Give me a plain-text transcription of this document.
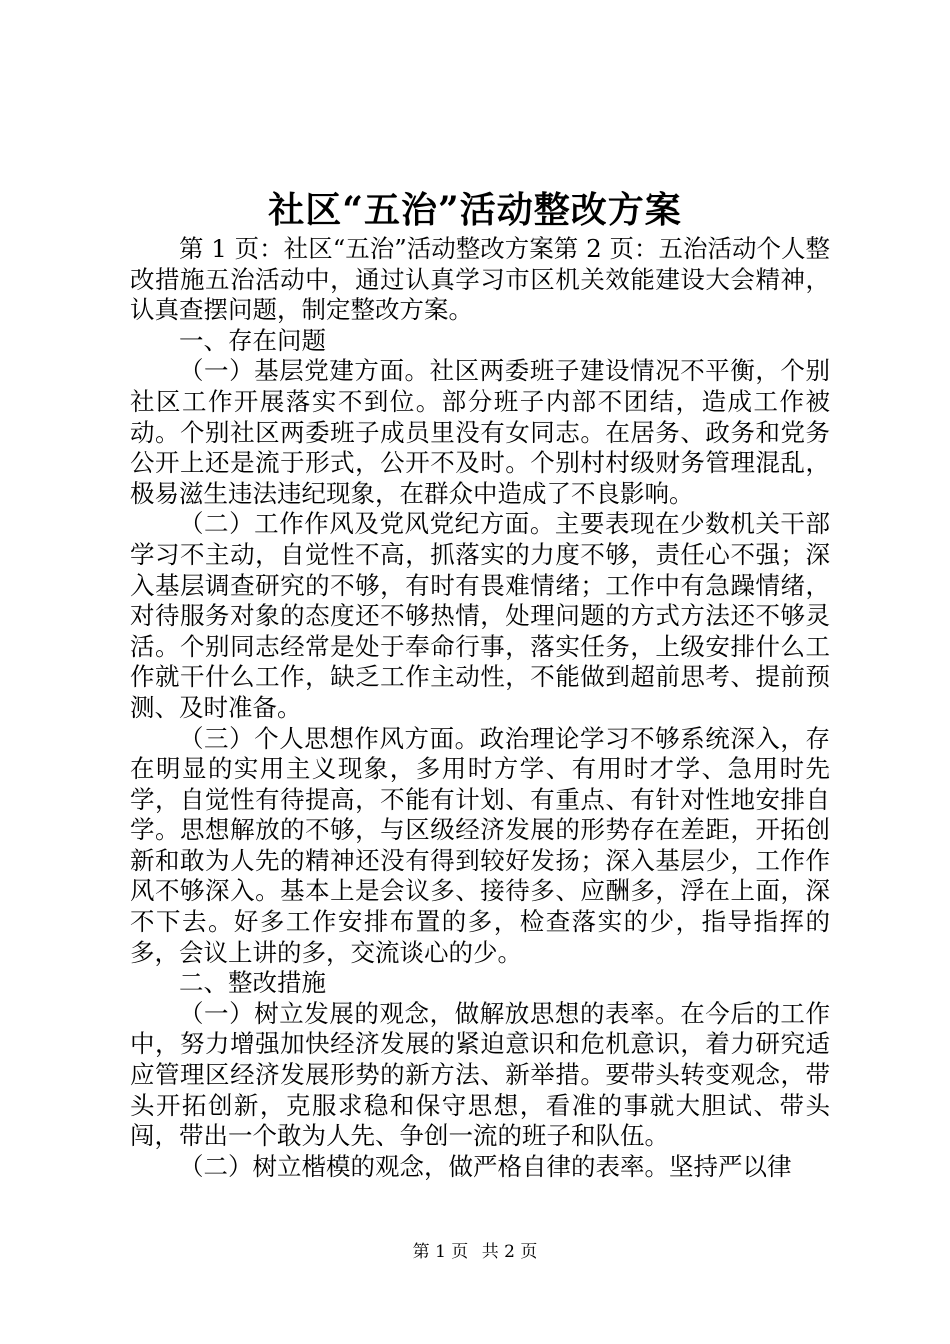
社区“五治”活动整改方案

第 1 页：社区“五治”活动整改方案第 2 页：五治活动个人整改措施五治活动中，通过认真学习市区机关效能建设大会精神，认真查摆问题，制定整改方案。

一、存在问题

（一）基层党建方面。社区两委班子建设情况不平衡，个别社区工作开展落实不到位。部分班子内部不团结，造成工作被动。个别社区两委班子成员里没有女同志。在居务、政务和党务公开上还是流于形式，公开不及时。个别村村级财务管理混乱，极易滋生违法违纪现象，在群众中造成了不良影响。

（二）工作作风及党风党纪方面。主要表现在少数机关干部学习不主动，自觉性不高，抓落实的力度不够，责任心不强；深入基层调查研究的不够，有时有畏难情绪；工作中有急躁情绪，对待服务对象的态度还不够热情，处理问题的方式方法还不够灵活。个别同志经常是处于奉命行事，落实任务，上级安排什么工作就干什么工作，缺乏工作主动性，不能做到超前思考、提前预测、及时准备。

（三）个人思想作风方面。政治理论学习不够系统深入，存在明显的实用主义现象，多用时方学、有用时才学、急用时先学，自觉性有待提高，不能有计划、有重点、有针对性地安排自学。思想解放的不够，与区级经济发展的形势存在差距，开拓创新和敢为人先的精神还没有得到较好发扬；深入基层少，工作作风不够深入。基本上是会议多、接待多、应酬多，浮在上面，深不下去。好多工作安排布置的多，检查落实的少，指导指挥的多，会议上讲的多，交流谈心的少。

二、整改措施

（一）树立发展的观念，做解放思想的表率。在今后的工作中，努力增强加快经济发展的紧迫意识和危机意识，着力研究适应管理区经济发展形势的新方法、新举措。要带头转变观念，带头开拓创新，克服求稳和保守思想，看准的事就大胆试、带头闯，带出一个敢为人先、争创一流的班子和队伍。

（二）树立楷模的观念，做严格自律的表率。坚持严以律

第 1 页 共 2 页
